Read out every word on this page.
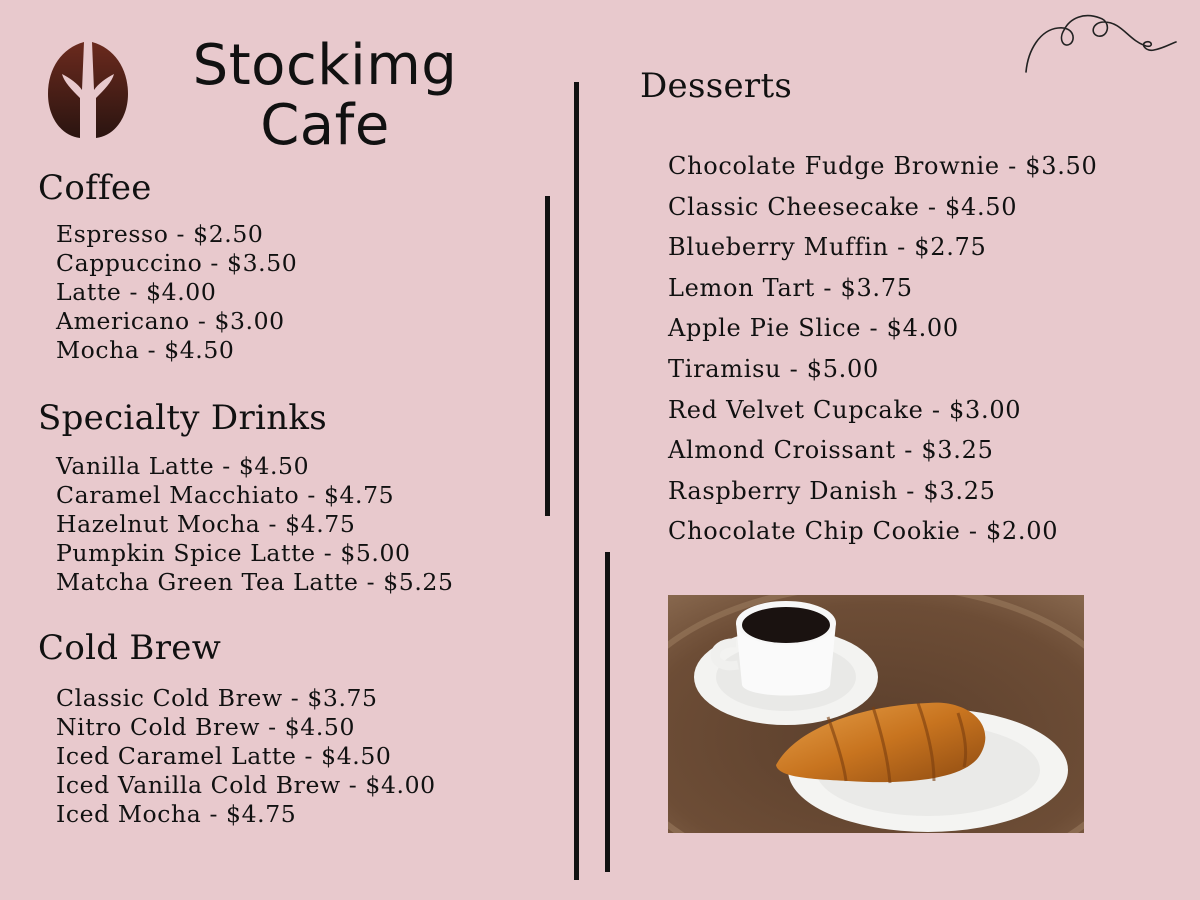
Stockimg
Cafe
Coffee
Espresso - $2.50
Cappuccino - $3.50
Latte - $4.00
Americano - $3.00
Mocha - $4.50
Specialty Drinks
Vanilla Latte - $4.50
Caramel Macchiato - $4.75
Hazelnut Mocha - $4.75
Pumpkin Spice Latte - $5.00
Matcha Green Tea Latte - $5.25
Cold Brew
Classic Cold Brew - $3.75
Nitro Cold Brew - $4.50
Iced Caramel Latte - $4.50
Iced Vanilla Cold Brew - $4.00
Iced Mocha - $4.75
Desserts
Chocolate Fudge Brownie - $3.50
Classic Cheesecake - $4.50
Blueberry Muffin - $2.75
Lemon Tart - $3.75
Apple Pie Slice - $4.00
Tiramisu - $5.00
Red Velvet Cupcake - $3.00
Almond Croissant - $3.25
Raspberry Danish - $3.25
Chocolate Chip Cookie - $2.00
